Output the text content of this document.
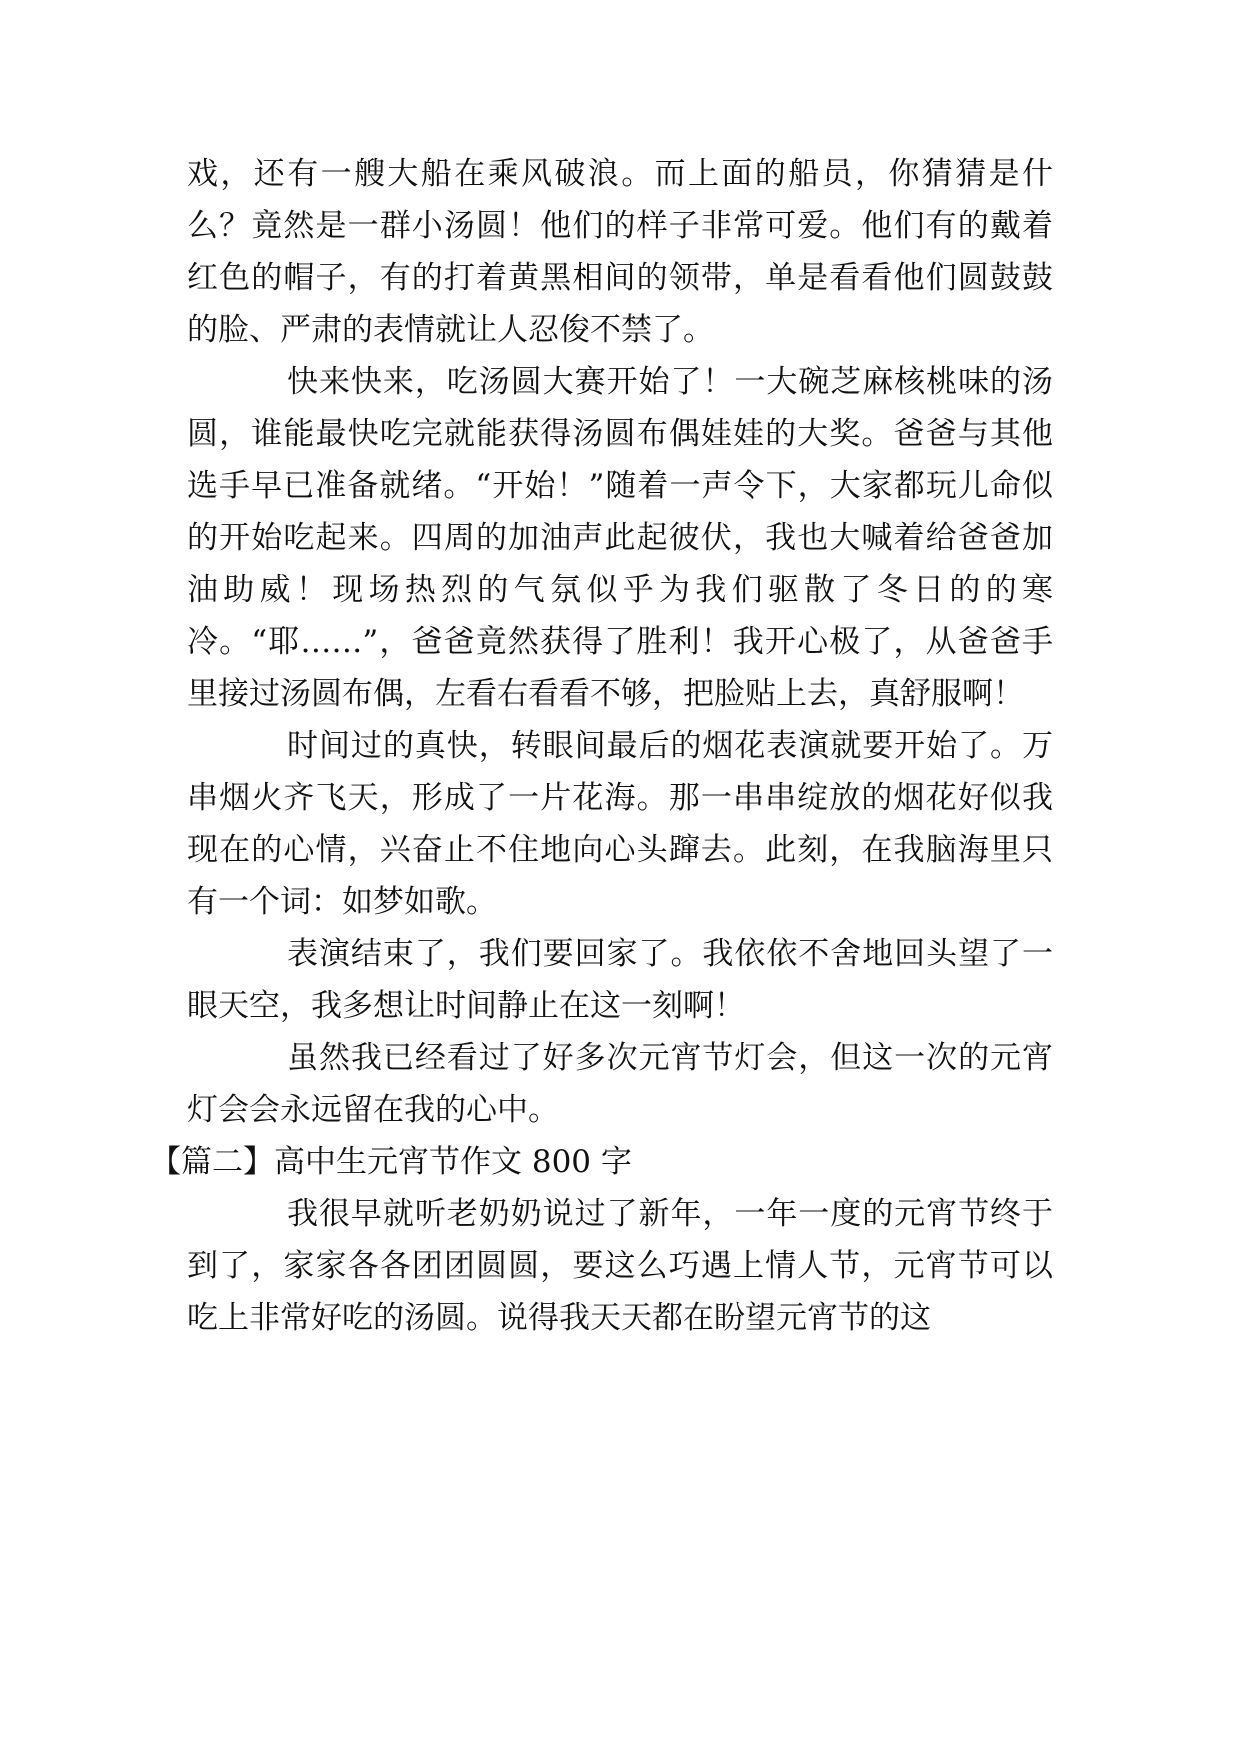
戏，还有一艘大船在乘风破浪。而上面的船员，你猜猜是什么？竟然是一群小汤圆！他们的样子非常可爱。他们有的戴着红色的帽子，有的打着黄黑相间的领带，单是看看他们圆鼓鼓的脸、严肃的表情就让人忍俊不禁了。

快来快来，吃汤圆大赛开始了！一大碗芝麻核桃味的汤圆，谁能最快吃完就能获得汤圆布偶娃娃的大奖。爸爸与其他选手早已准备就绪。“开始！”随着一声令下，大家都玩儿命似的开始吃起来。四周的加油声此起彼伏，我也大喊着给爸爸加油助威！现场热烈的气氛似乎为我们驱散了冬日的的寒冷。“耶……”，爸爸竟然获得了胜利！我开心极了，从爸爸手里接过汤圆布偶，左看右看看不够，把脸贴上去，真舒服啊！

时间过的真快，转眼间最后的烟花表演就要开始了。万串烟火齐飞天，形成了一片花海。那一串串绽放的烟花好似我现在的心情，兴奋止不住地向心头蹿去。此刻，在我脑海里只有一个词：如梦如歌。

表演结束了，我们要回家了。我依依不舍地回头望了一眼天空，我多想让时间静止在这一刻啊！

虽然我已经看过了好多次元宵节灯会，但这一次的元宵灯会会永远留在我的心中。

【篇二】高中生元宵节作文 800 字

我很早就听老奶奶说过了新年，一年一度的元宵节终于到了，家家各各团团圆圆，要这么巧遇上情人节，元宵节可以吃上非常好吃的汤圆。说得我天天都在盼望元宵节的这
